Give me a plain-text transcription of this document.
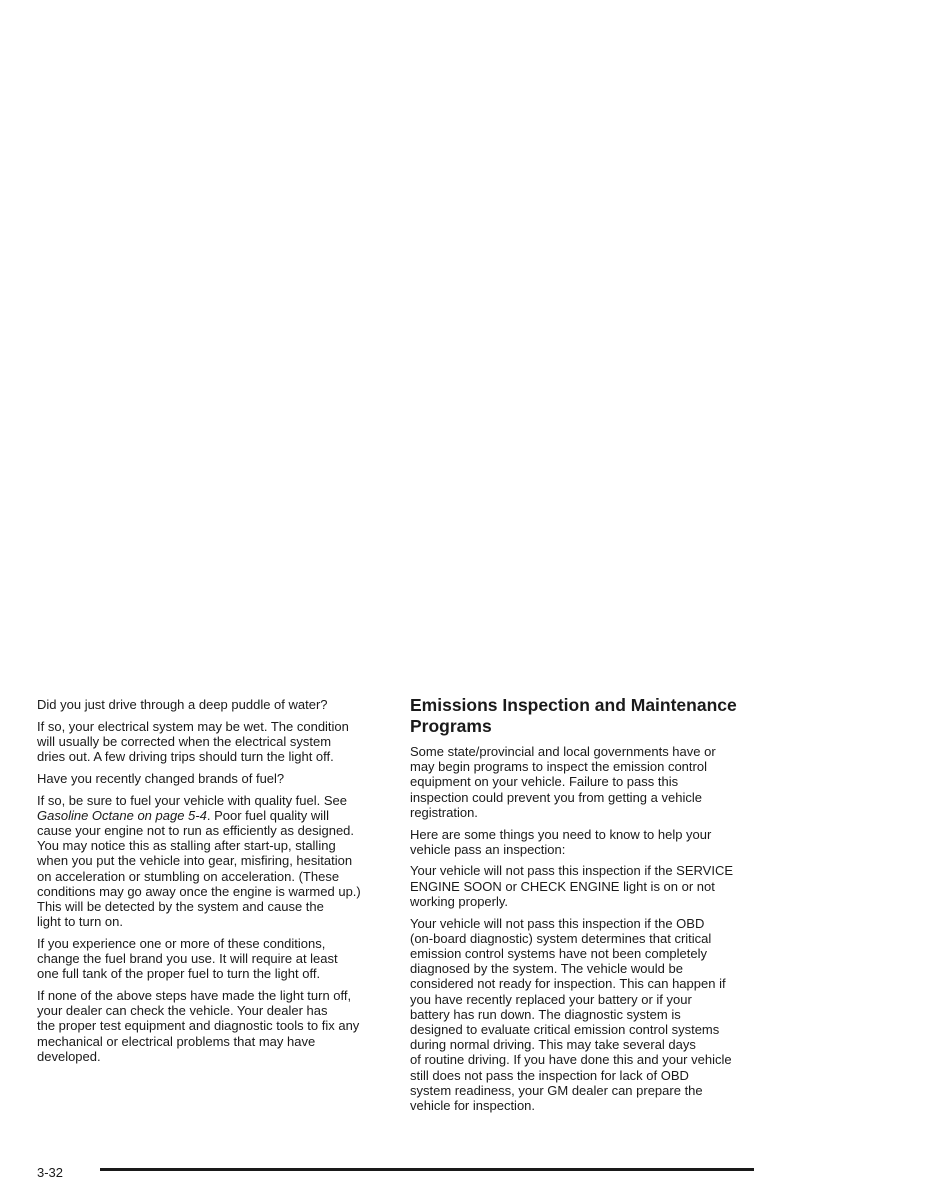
Did you just drive through a deep puddle of water?

If so, your electrical system may be wet. The condition
will usually be corrected when the electrical system
dries out. A few driving trips should turn the light off.

Have you recently changed brands of fuel?

If so, be sure to fuel your vehicle with quality fuel. See
Gasoline Octane on page 5-4. Poor fuel quality will
cause your engine not to run as efficiently as designed.
You may notice this as stalling after start-up, stalling
when you put the vehicle into gear, misfiring, hesitation
on acceleration or stumbling on acceleration. (These
conditions may go away once the engine is warmed up.)
This will be detected by the system and cause the
light to turn on.

If you experience one or more of these conditions,
change the fuel brand you use. It will require at least
one full tank of the proper fuel to turn the light off.

If none of the above steps have made the light turn off,
your dealer can check the vehicle. Your dealer has
the proper test equipment and diagnostic tools to fix any
mechanical or electrical problems that may have
developed.

Emissions Inspection and Maintenance
Programs

Some state/provincial and local governments have or
may begin programs to inspect the emission control
equipment on your vehicle. Failure to pass this
inspection could prevent you from getting a vehicle
registration.

Here are some things you need to know to help your
vehicle pass an inspection:

Your vehicle will not pass this inspection if the SERVICE
ENGINE SOON or CHECK ENGINE light is on or not
working properly.

Your vehicle will not pass this inspection if the OBD
(on-board diagnostic) system determines that critical
emission control systems have not been completely
diagnosed by the system. The vehicle would be
considered not ready for inspection. This can happen if
you have recently replaced your battery or if your
battery has run down. The diagnostic system is
designed to evaluate critical emission control systems
during normal driving. This may take several days
of routine driving. If you have done this and your vehicle
still does not pass the inspection for lack of OBD
system readiness, your GM dealer can prepare the
vehicle for inspection.

3-32
